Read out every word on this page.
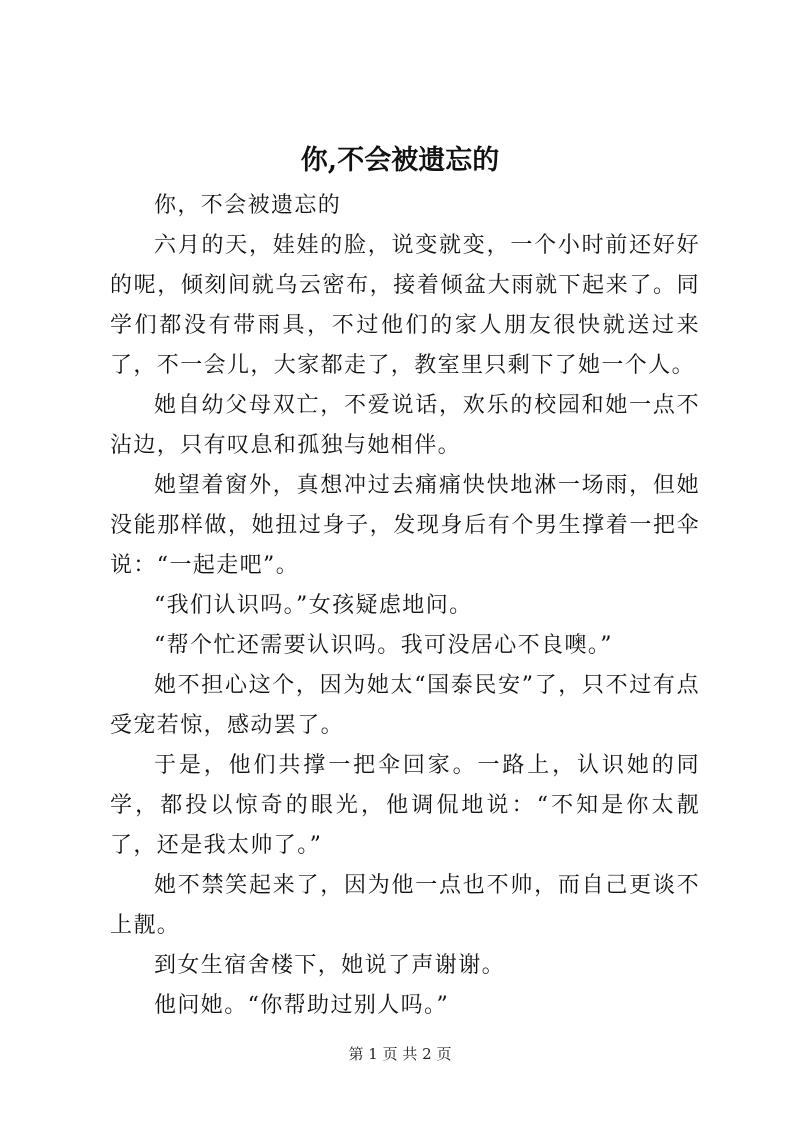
你,不会被遗忘的

你，不会被遗忘的

六月的天，娃娃的脸，说变就变，一个小时前还好好的呢，倾刻间就乌云密布，接着倾盆大雨就下起来了。同学们都没有带雨具，不过他们的家人朋友很快就送过来了，不一会儿，大家都走了，教室里只剩下了她一个人。

她自幼父母双亡，不爱说话，欢乐的校园和她一点不沾边，只有叹息和孤独与她相伴。

她望着窗外，真想冲过去痛痛快快地淋一场雨，但她没能那样做，她扭过身子，发现身后有个男生撑着一把伞说：“一起走吧”。

“我们认识吗。”女孩疑虑地问。

“帮个忙还需要认识吗。我可没居心不良噢。”

她不担心这个，因为她太“国泰民安”了，只不过有点受宠若惊，感动罢了。

于是，他们共撑一把伞回家。一路上，认识她的同学，都投以惊奇的眼光，他调侃地说：“不知是你太靓了，还是我太帅了。”

她不禁笑起来了，因为他一点也不帅，而自己更谈不上靓。

到女生宿舍楼下，她说了声谢谢。

他问她。“你帮助过别人吗。”

第 1 页 共 2 页
